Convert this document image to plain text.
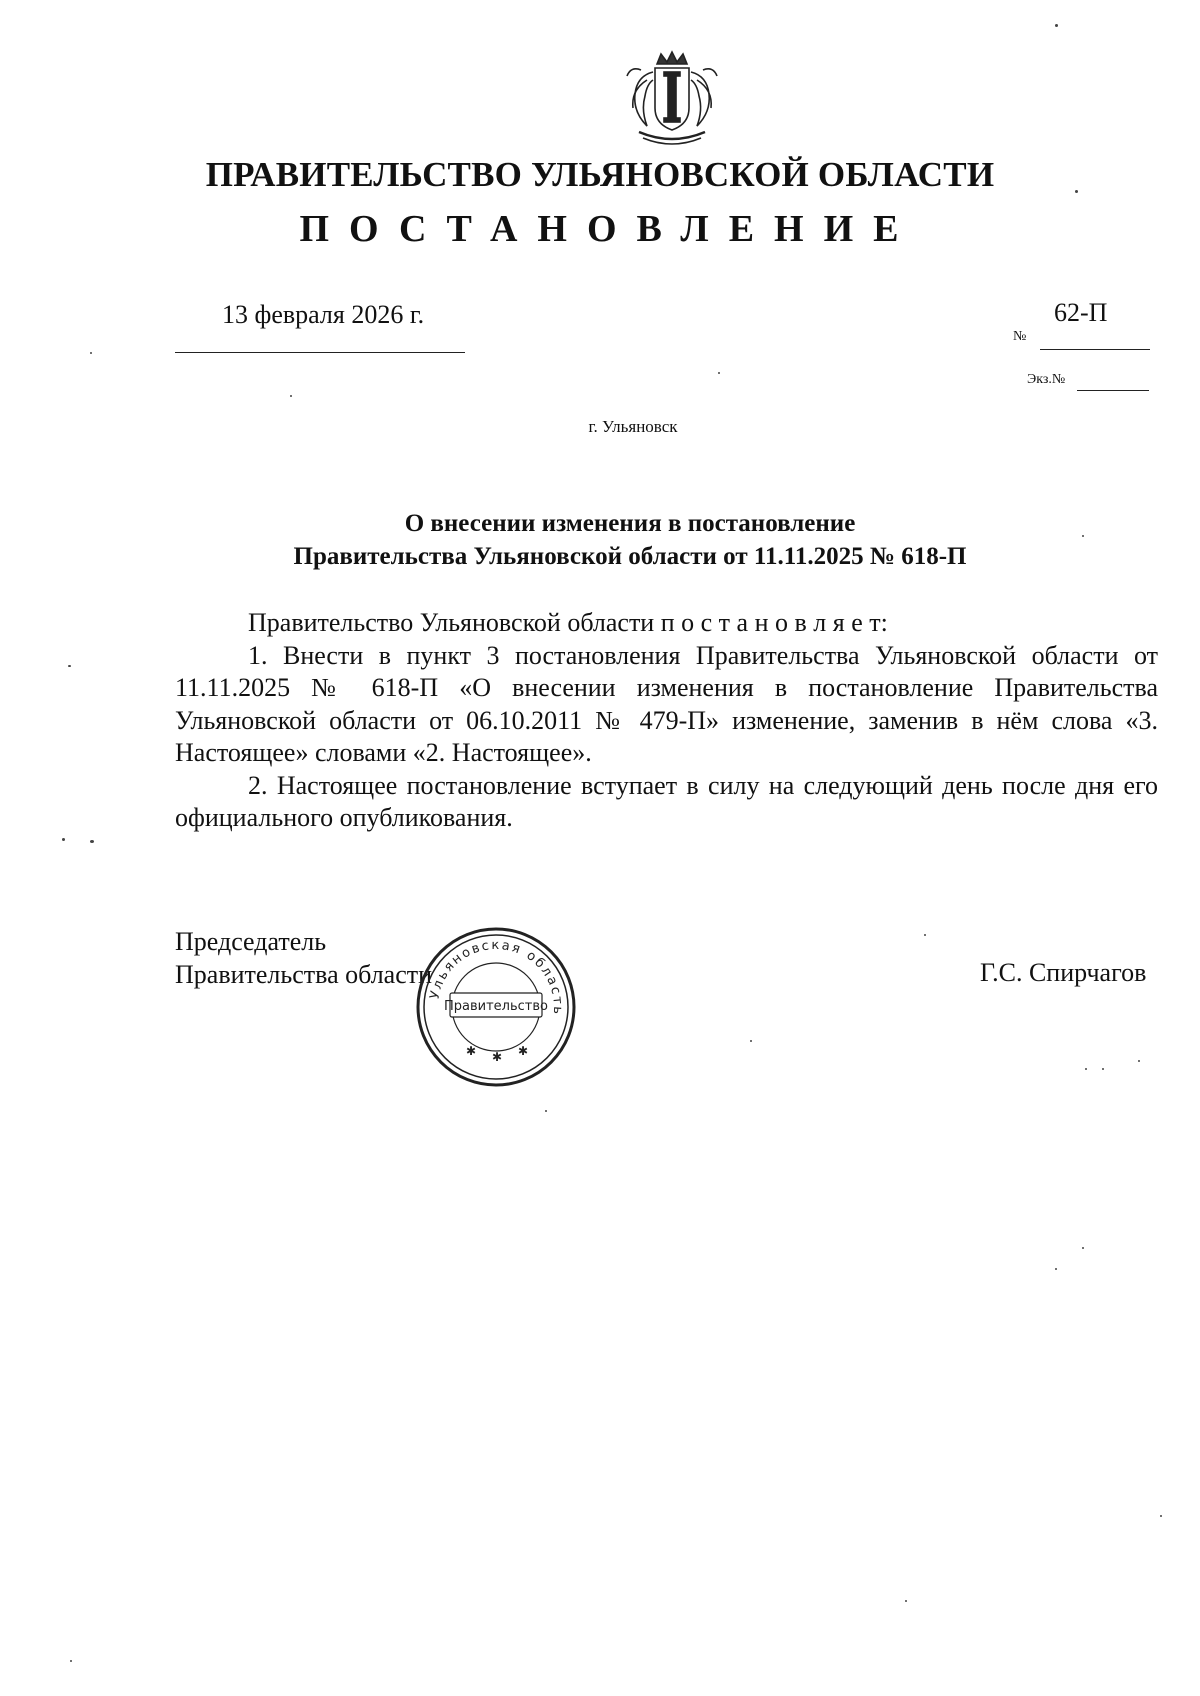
ПРАВИТЕЛЬСТВО УЛЬЯНОВСКОЙ ОБЛАСТИ
ПОСТАНОВЛЕНИЕ
13 февраля 2026 г.	62-П
№
Экз.№
г. Ульяновск
О внесении изменения в постановление
Правительства Ульяновской области от 11.11.2025 № 618-П

Правительство Ульяновской области п о с т а н о в л я е т:

1. Внести в пункт 3 постановления Правительства Ульяновской области от 11.11.2025 № 618-П «О внесении изменения в постановление Правительства Ульяновской области от 06.10.2011 № 479-П» изменение, заменив в нём слова «3. Настоящее» словами «2. Настоящее».

2. Настоящее постановление вступает в силу на следующий день после дня его официального опубликования.

Председатель
Правительства области	Г.С. Спирчагов
Ульяновская область
Правительство
✱ ✱ ✱
